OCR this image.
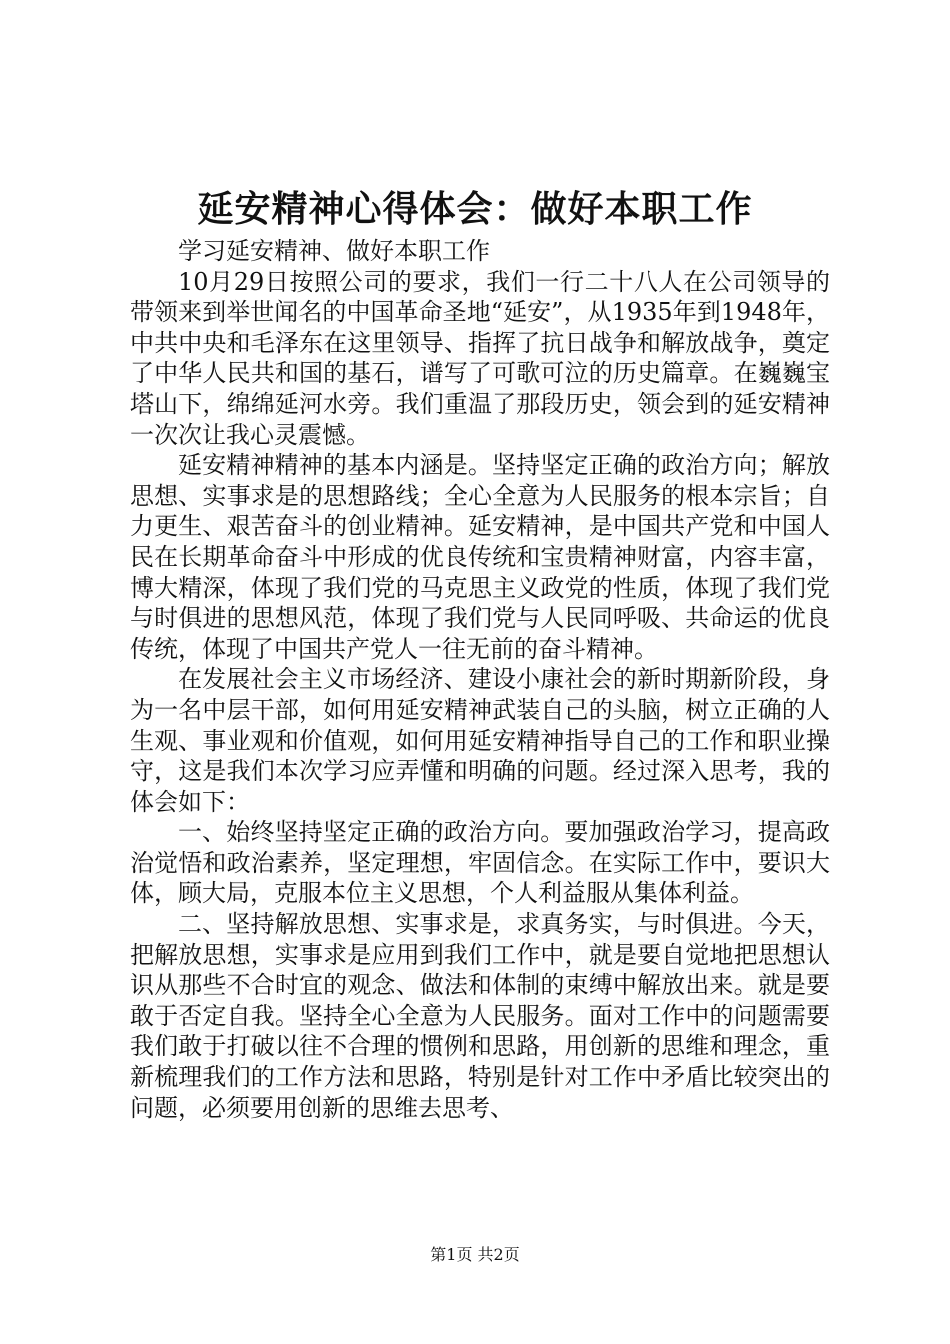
延安精神心得体会：做好本职工作

学习延安精神、做好本职工作

10月29日按照公司的要求，我们一行二十八人在公司领导的带领来到举世闻名的中国革命圣地“延安”，从1935年到1948年，中共中央和毛泽东在这里领导、指挥了抗日战争和解放战争，奠定了中华人民共和国的基石，谱写了可歌可泣的历史篇章。在巍巍宝塔山下，绵绵延河水旁。我们重温了那段历史，领会到的延安精神一次次让我心灵震憾。

延安精神精神的基本内涵是。坚持坚定正确的政治方向；解放思想、实事求是的思想路线；全心全意为人民服务的根本宗旨；自力更生、艰苦奋斗的创业精神。延安精神，是中国共产党和中国人民在长期革命奋斗中形成的优良传统和宝贵精神财富，内容丰富，博大精深，体现了我们党的马克思主义政党的性质，体现了我们党与时俱进的思想风范，体现了我们党与人民同呼吸、共命运的优良传统，体现了中国共产党人一往无前的奋斗精神。

在发展社会主义市场经济、建设小康社会的新时期新阶段，身为一名中层干部，如何用延安精神武装自己的头脑，树立正确的人生观、事业观和价值观，如何用延安精神指导自己的工作和职业操守，这是我们本次学习应弄懂和明确的问题。经过深入思考，我的体会如下：

一、始终坚持坚定正确的政治方向。要加强政治学习，提高政治觉悟和政治素养，坚定理想，牢固信念。在实际工作中，要识大体，顾大局，克服本位主义思想，个人利益服从集体利益。

二、坚持解放思想、实事求是，求真务实，与时俱进。今天，把解放思想，实事求是应用到我们工作中，就是要自觉地把思想认识从那些不合时宜的观念、做法和体制的束缚中解放出来。就是要敢于否定自我。坚持全心全意为人民服务。面对工作中的问题需要我们敢于打破以往不合理的惯例和思路，用创新的思维和理念，重新梳理我们的工作方法和思路，特别是针对工作中矛盾比较突出的问题，必须要用创新的思维去思考、

第1页 共2页
